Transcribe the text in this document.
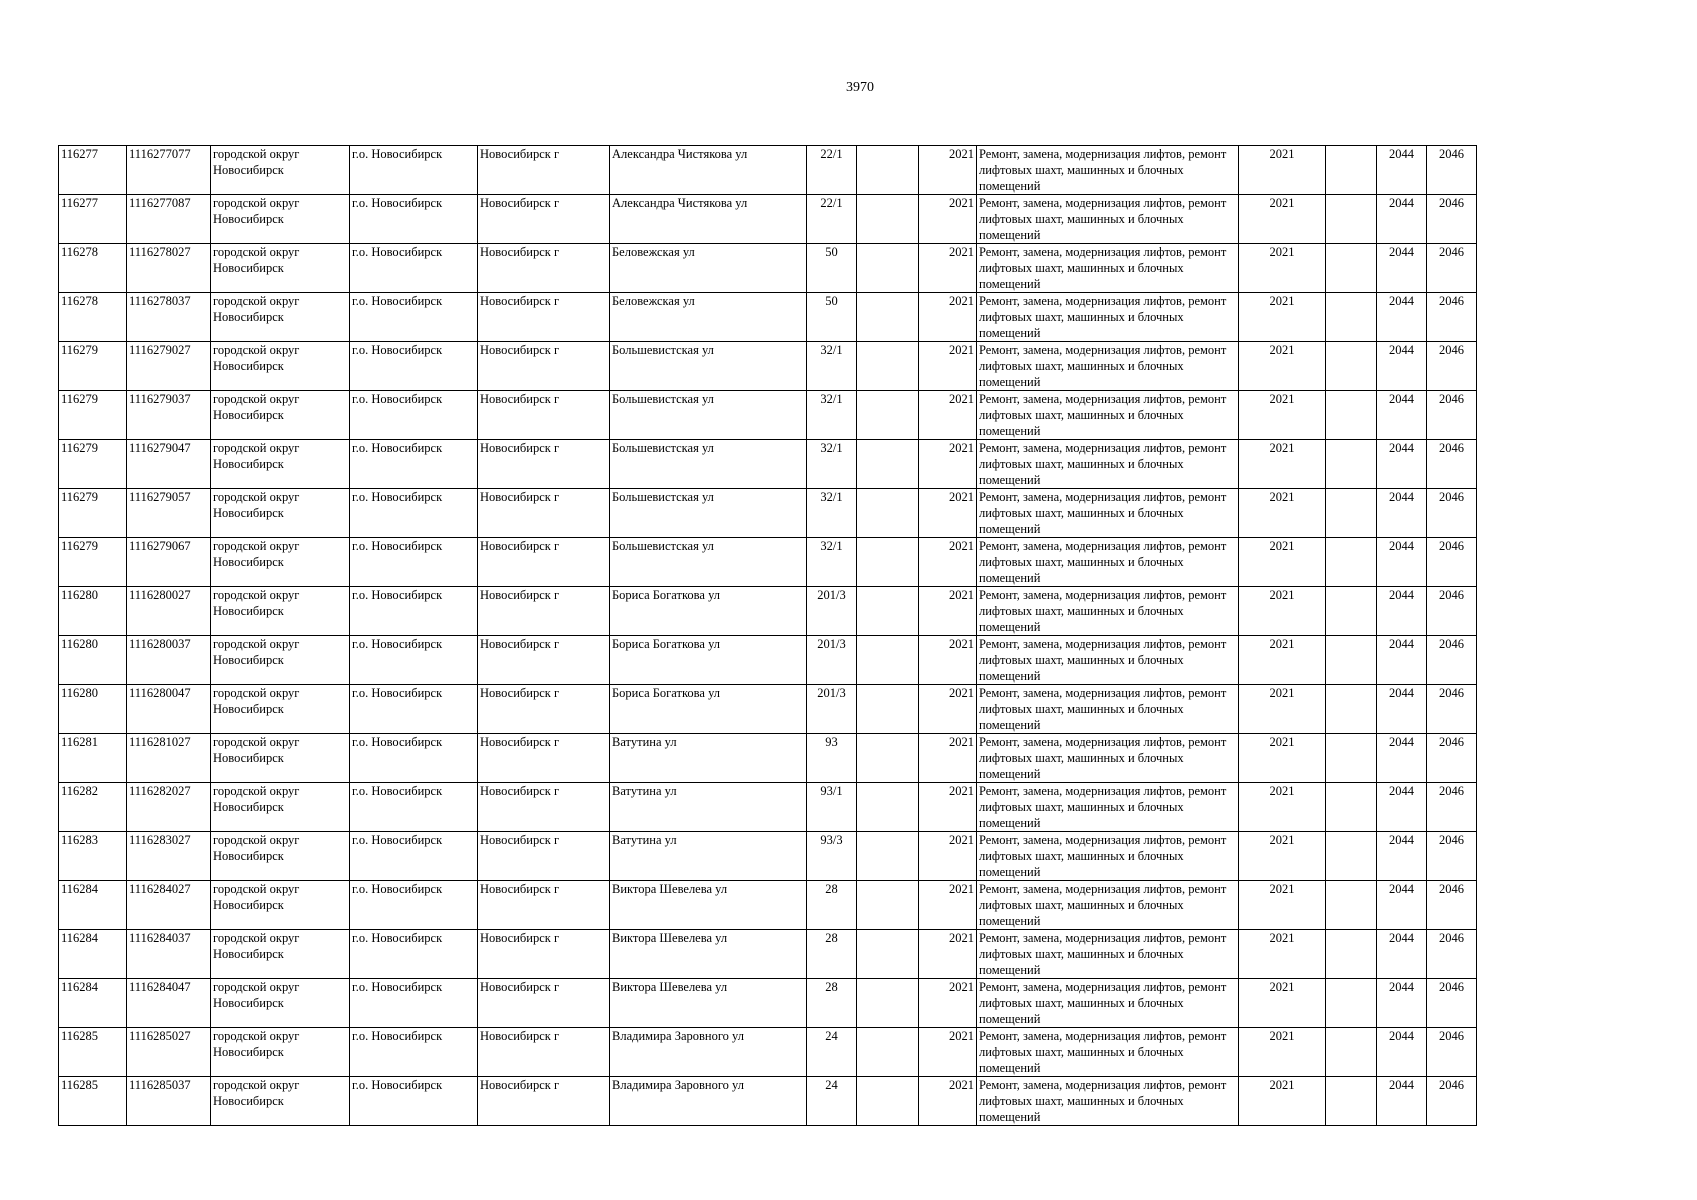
3970
116277	1116277077	городской округ Новосибирск	г.о. Новосибирск	Новосибирск г	Александра Чистякова ул	22/1		2021	Ремонт, замена, модернизация лифтов, ремонт лифтовых шахт, машинных и блочных помещений	2021		2044	2046
116277	1116277087	городской округ Новосибирск	г.о. Новосибирск	Новосибирск г	Александра Чистякова ул	22/1		2021	Ремонт, замена, модернизация лифтов, ремонт лифтовых шахт, машинных и блочных помещений	2021		2044	2046
116278	1116278027	городской округ Новосибирск	г.о. Новосибирск	Новосибирск г	Беловежская ул	50		2021	Ремонт, замена, модернизация лифтов, ремонт лифтовых шахт, машинных и блочных помещений	2021		2044	2046
116278	1116278037	городской округ Новосибирск	г.о. Новосибирск	Новосибирск г	Беловежская ул	50		2021	Ремонт, замена, модернизация лифтов, ремонт лифтовых шахт, машинных и блочных помещений	2021		2044	2046
116279	1116279027	городской округ Новосибирск	г.о. Новосибирск	Новосибирск г	Большевистская ул	32/1		2021	Ремонт, замена, модернизация лифтов, ремонт лифтовых шахт, машинных и блочных помещений	2021		2044	2046
116279	1116279037	городской округ Новосибирск	г.о. Новосибирск	Новосибирск г	Большевистская ул	32/1		2021	Ремонт, замена, модернизация лифтов, ремонт лифтовых шахт, машинных и блочных помещений	2021		2044	2046
116279	1116279047	городской округ Новосибирск	г.о. Новосибирск	Новосибирск г	Большевистская ул	32/1		2021	Ремонт, замена, модернизация лифтов, ремонт лифтовых шахт, машинных и блочных помещений	2021		2044	2046
116279	1116279057	городской округ Новосибирск	г.о. Новосибирск	Новосибирск г	Большевистская ул	32/1		2021	Ремонт, замена, модернизация лифтов, ремонт лифтовых шахт, машинных и блочных помещений	2021		2044	2046
116279	1116279067	городской округ Новосибирск	г.о. Новосибирск	Новосибирск г	Большевистская ул	32/1		2021	Ремонт, замена, модернизация лифтов, ремонт лифтовых шахт, машинных и блочных помещений	2021		2044	2046
116280	1116280027	городской округ Новосибирск	г.о. Новосибирск	Новосибирск г	Бориса Богаткова ул	201/3		2021	Ремонт, замена, модернизация лифтов, ремонт лифтовых шахт, машинных и блочных помещений	2021		2044	2046
116280	1116280037	городской округ Новосибирск	г.о. Новосибирск	Новосибирск г	Бориса Богаткова ул	201/3		2021	Ремонт, замена, модернизация лифтов, ремонт лифтовых шахт, машинных и блочных помещений	2021		2044	2046
116280	1116280047	городской округ Новосибирск	г.о. Новосибирск	Новосибирск г	Бориса Богаткова ул	201/3		2021	Ремонт, замена, модернизация лифтов, ремонт лифтовых шахт, машинных и блочных помещений	2021		2044	2046
116281	1116281027	городской округ Новосибирск	г.о. Новосибирск	Новосибирск г	Ватутина ул	93		2021	Ремонт, замена, модернизация лифтов, ремонт лифтовых шахт, машинных и блочных помещений	2021		2044	2046
116282	1116282027	городской округ Новосибирск	г.о. Новосибирск	Новосибирск г	Ватутина ул	93/1		2021	Ремонт, замена, модернизация лифтов, ремонт лифтовых шахт, машинных и блочных помещений	2021		2044	2046
116283	1116283027	городской округ Новосибирск	г.о. Новосибирск	Новосибирск г	Ватутина ул	93/3		2021	Ремонт, замена, модернизация лифтов, ремонт лифтовых шахт, машинных и блочных помещений	2021		2044	2046
116284	1116284027	городской округ Новосибирск	г.о. Новосибирск	Новосибирск г	Виктора Шевелева ул	28		2021	Ремонт, замена, модернизация лифтов, ремонт лифтовых шахт, машинных и блочных помещений	2021		2044	2046
116284	1116284037	городской округ Новосибирск	г.о. Новосибирск	Новосибирск г	Виктора Шевелева ул	28		2021	Ремонт, замена, модернизация лифтов, ремонт лифтовых шахт, машинных и блочных помещений	2021		2044	2046
116284	1116284047	городской округ Новосибирск	г.о. Новосибирск	Новосибирск г	Виктора Шевелева ул	28		2021	Ремонт, замена, модернизация лифтов, ремонт лифтовых шахт, машинных и блочных помещений	2021		2044	2046
116285	1116285027	городской округ Новосибирск	г.о. Новосибирск	Новосибирск г	Владимира Заровного ул	24		2021	Ремонт, замена, модернизация лифтов, ремонт лифтовых шахт, машинных и блочных помещений	2021		2044	2046
116285	1116285037	городской округ Новосибирск	г.о. Новосибирск	Новосибирск г	Владимира Заровного ул	24		2021	Ремонт, замена, модернизация лифтов, ремонт лифтовых шахт, машинных и блочных помещений	2021		2044	2046
